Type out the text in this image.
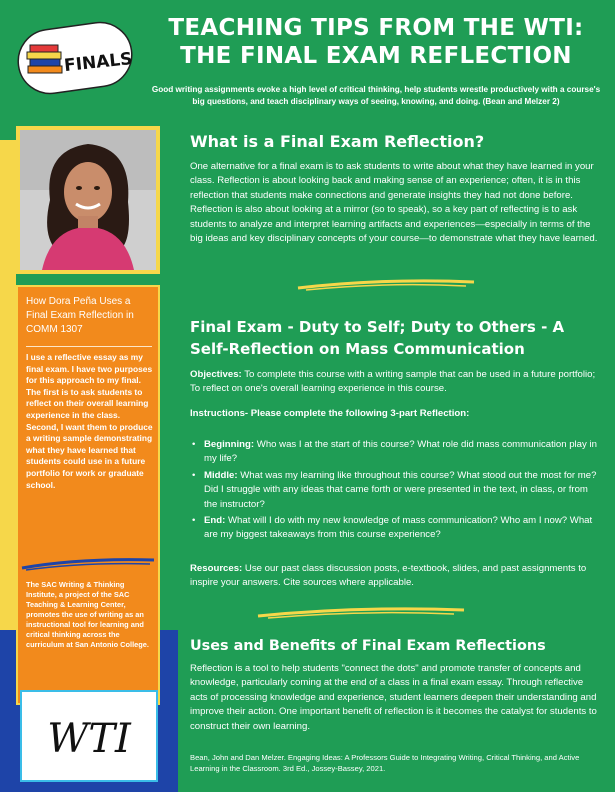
FINALS
TEACHING TIPS FROM THE WTI:
THE FINAL EXAM REFLECTION

Good writing assignments evoke a high level of critical thinking, help students wrestle productively with a course's big questions, and teach disciplinary ways of seeing, knowing, and doing. (Bean and Melzer 2)

How Dora Peña Uses a Final Exam Reflection in COMM 1307

I use a reflective essay as my final exam. I have two purposes for this approach to my final. The first is to ask students to reflect on their overall learning experience in the class. Second, I want them to produce a writing sample demonstrating what they have learned that students could use in a future portfolio for work or graduate school.

The SAC Writing & Thinking Institute, a project of the SAC Teaching & Learning Center, promotes the use of writing as an instructional tool for learning and critical thinking across the curriculum at San Antonio College.

WTI
What is a Final Exam Reflection?

One alternative for a final exam is to ask students to write about what they have learned in your class. Reflection is about looking back and making sense of an experience; often, it is in this reflection that students make connections and generate insights they had not done before. Reflection is also about looking at a mirror (so to speak), so a key part of reflecting is to ask students to analyze and interpret learning artifacts and experiences—especially in terms of the big ideas and key disciplinary concepts of your course—to demonstrate what they have learned.

Final Exam - Duty to Self; Duty to Others - A Self-Reflection on Mass Communication

Objectives: To complete this course with a writing sample that can be used in a future portfolio; To reflect on one's overall learning experience in this course.

Instructions- Please complete the following 3-part Reflection:

• Beginning: Who was I at the start of this course? What role did mass communication play in my life?
• Middle: What was my learning like throughout this course? What stood out the most for me? Did I struggle with any ideas that came forth or were presented in the text, in class, or from the instructor?
• End: What will I do with my new knowledge of mass communication? Who am I now? What are my biggest takeaways from this course experience?

Resources: Use our past class discussion posts, e-textbook, slides, and past assignments to inspire your answers. Cite sources where applicable.

Uses and Benefits of Final Exam Reflections

Reflection is a tool to help students "connect the dots" and promote transfer of concepts and knowledge, particularly coming at the end of a class in a final exam essay. Through reflective acts of processing knowledge and experience, student learners deepen their understanding and improve their action. One important benefit of reflection is it becomes the catalyst for students to construct their own learning.

Bean, John and Dan Melzer. Engaging Ideas: A Professors Guide to Integrating Writing, Critical Thinking, and Active Learning in the Classroom. 3rd Ed., Jossey-Bassey, 2021.
